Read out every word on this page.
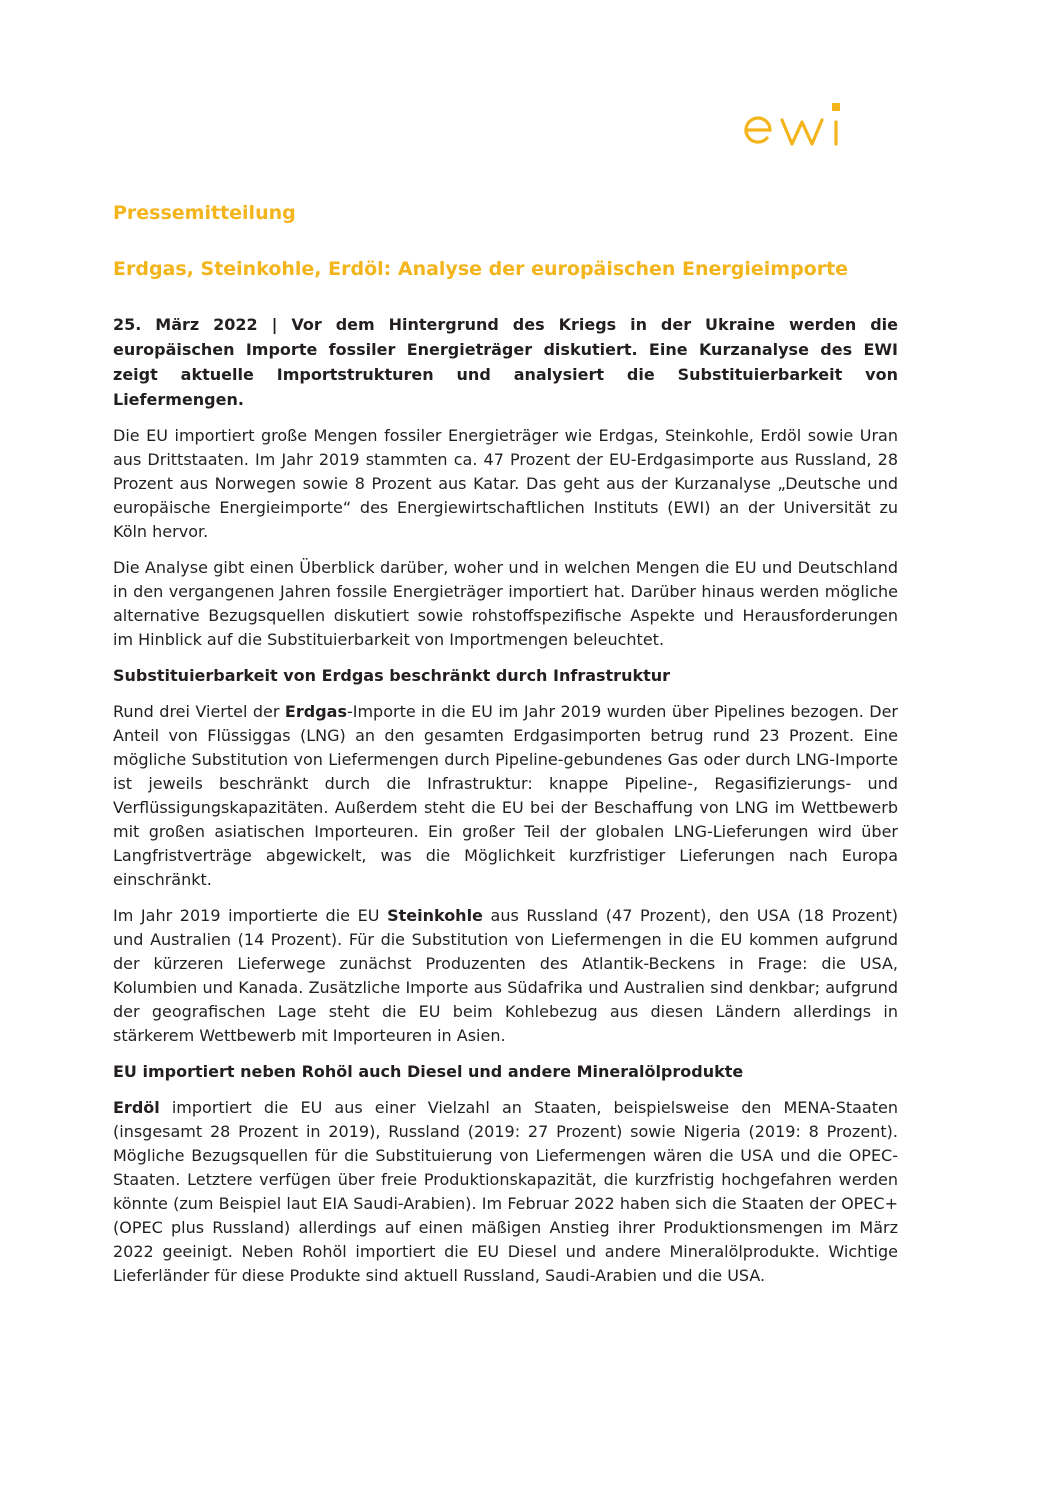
Pressemitteilung
Erdgas, Steinkohle, Erdöl: Analyse der europäischen Energieimporte

25. März 2022 | Vor dem Hintergrund des Kriegs in der Ukraine werden die europäischen Importe fossiler Energieträger diskutiert. Eine Kurzanalyse des EWI zeigt aktuelle Importstrukturen und analysiert die Substituierbarkeit von Liefermengen.

Die EU importiert große Mengen fossiler Energieträger wie Erdgas, Steinkohle, Erdöl sowie Uran aus Drittstaaten. Im Jahr 2019 stammten ca. 47 Prozent der EU-Erdgasimporte aus Russland, 28 Prozent aus Norwegen sowie 8 Prozent aus Katar. Das geht aus der Kurzanalyse „Deutsche und europäische Energieimporte“ des Energiewirtschaftlichen Instituts (EWI) an der Universität zu Köln hervor.

Die Analyse gibt einen Überblick darüber, woher und in welchen Mengen die EU und Deutschland in den vergangenen Jahren fossile Energieträger importiert hat. Darüber hinaus werden mögliche alternative Bezugsquellen diskutiert sowie rohstoffspezifische Aspekte und Herausforderungen im Hinblick auf die Substituierbarkeit von Importmengen beleuchtet.

Substituierbarkeit von Erdgas beschränkt durch Infrastruktur

Rund drei Viertel der Erdgas-Importe in die EU im Jahr 2019 wurden über Pipelines bezogen. Der Anteil von Flüssiggas (LNG) an den gesamten Erdgasimporten betrug rund 23 Prozent. Eine mögliche Substitution von Liefermengen durch Pipeline-gebundenes Gas oder durch LNG-Importe ist jeweils beschränkt durch die Infrastruktur: knappe Pipeline-, Regasifizierungs- und Verflüssigungskapazitäten. Außerdem steht die EU bei der Beschaffung von LNG im Wettbewerb mit großen asiatischen Importeuren. Ein großer Teil der globalen LNG-Lieferungen wird über Langfristverträge abgewickelt, was die Möglichkeit kurzfristiger Lieferungen nach Europa einschränkt.

Im Jahr 2019 importierte die EU Steinkohle aus Russland (47 Prozent), den USA (18 Prozent) und Australien (14 Prozent). Für die Substitution von Liefermengen in die EU kommen aufgrund der kürzeren Lieferwege zunächst Produzenten des Atlantik-Beckens in Frage: die USA, Kolumbien und Kanada. Zusätzliche Importe aus Südafrika und Australien sind denkbar; aufgrund der geografischen Lage steht die EU beim Kohlebezug aus diesen Ländern allerdings in stärkerem Wettbewerb mit Importeuren in Asien.

EU importiert neben Rohöl auch Diesel und andere Mineralölprodukte

Erdöl importiert die EU aus einer Vielzahl an Staaten, beispielsweise den MENA-Staaten (insgesamt 28 Prozent in 2019), Russland (2019: 27 Prozent) sowie Nigeria (2019: 8 Prozent). Mögliche Bezugsquellen für die Substituierung von Liefermengen wären die USA und die OPEC-Staaten. Letztere verfügen über freie Produktionskapazität, die kurzfristig hochgefahren werden könnte (zum Beispiel laut EIA Saudi-Arabien). Im Februar 2022 haben sich die Staaten der OPEC+ (OPEC plus Russland) allerdings auf einen mäßigen Anstieg ihrer Produktionsmengen im März 2022 geeinigt. Neben Rohöl importiert die EU Diesel und andere Mineralölprodukte. Wichtige Lieferländer für diese Produkte sind aktuell Russland, Saudi-Arabien und die USA.
